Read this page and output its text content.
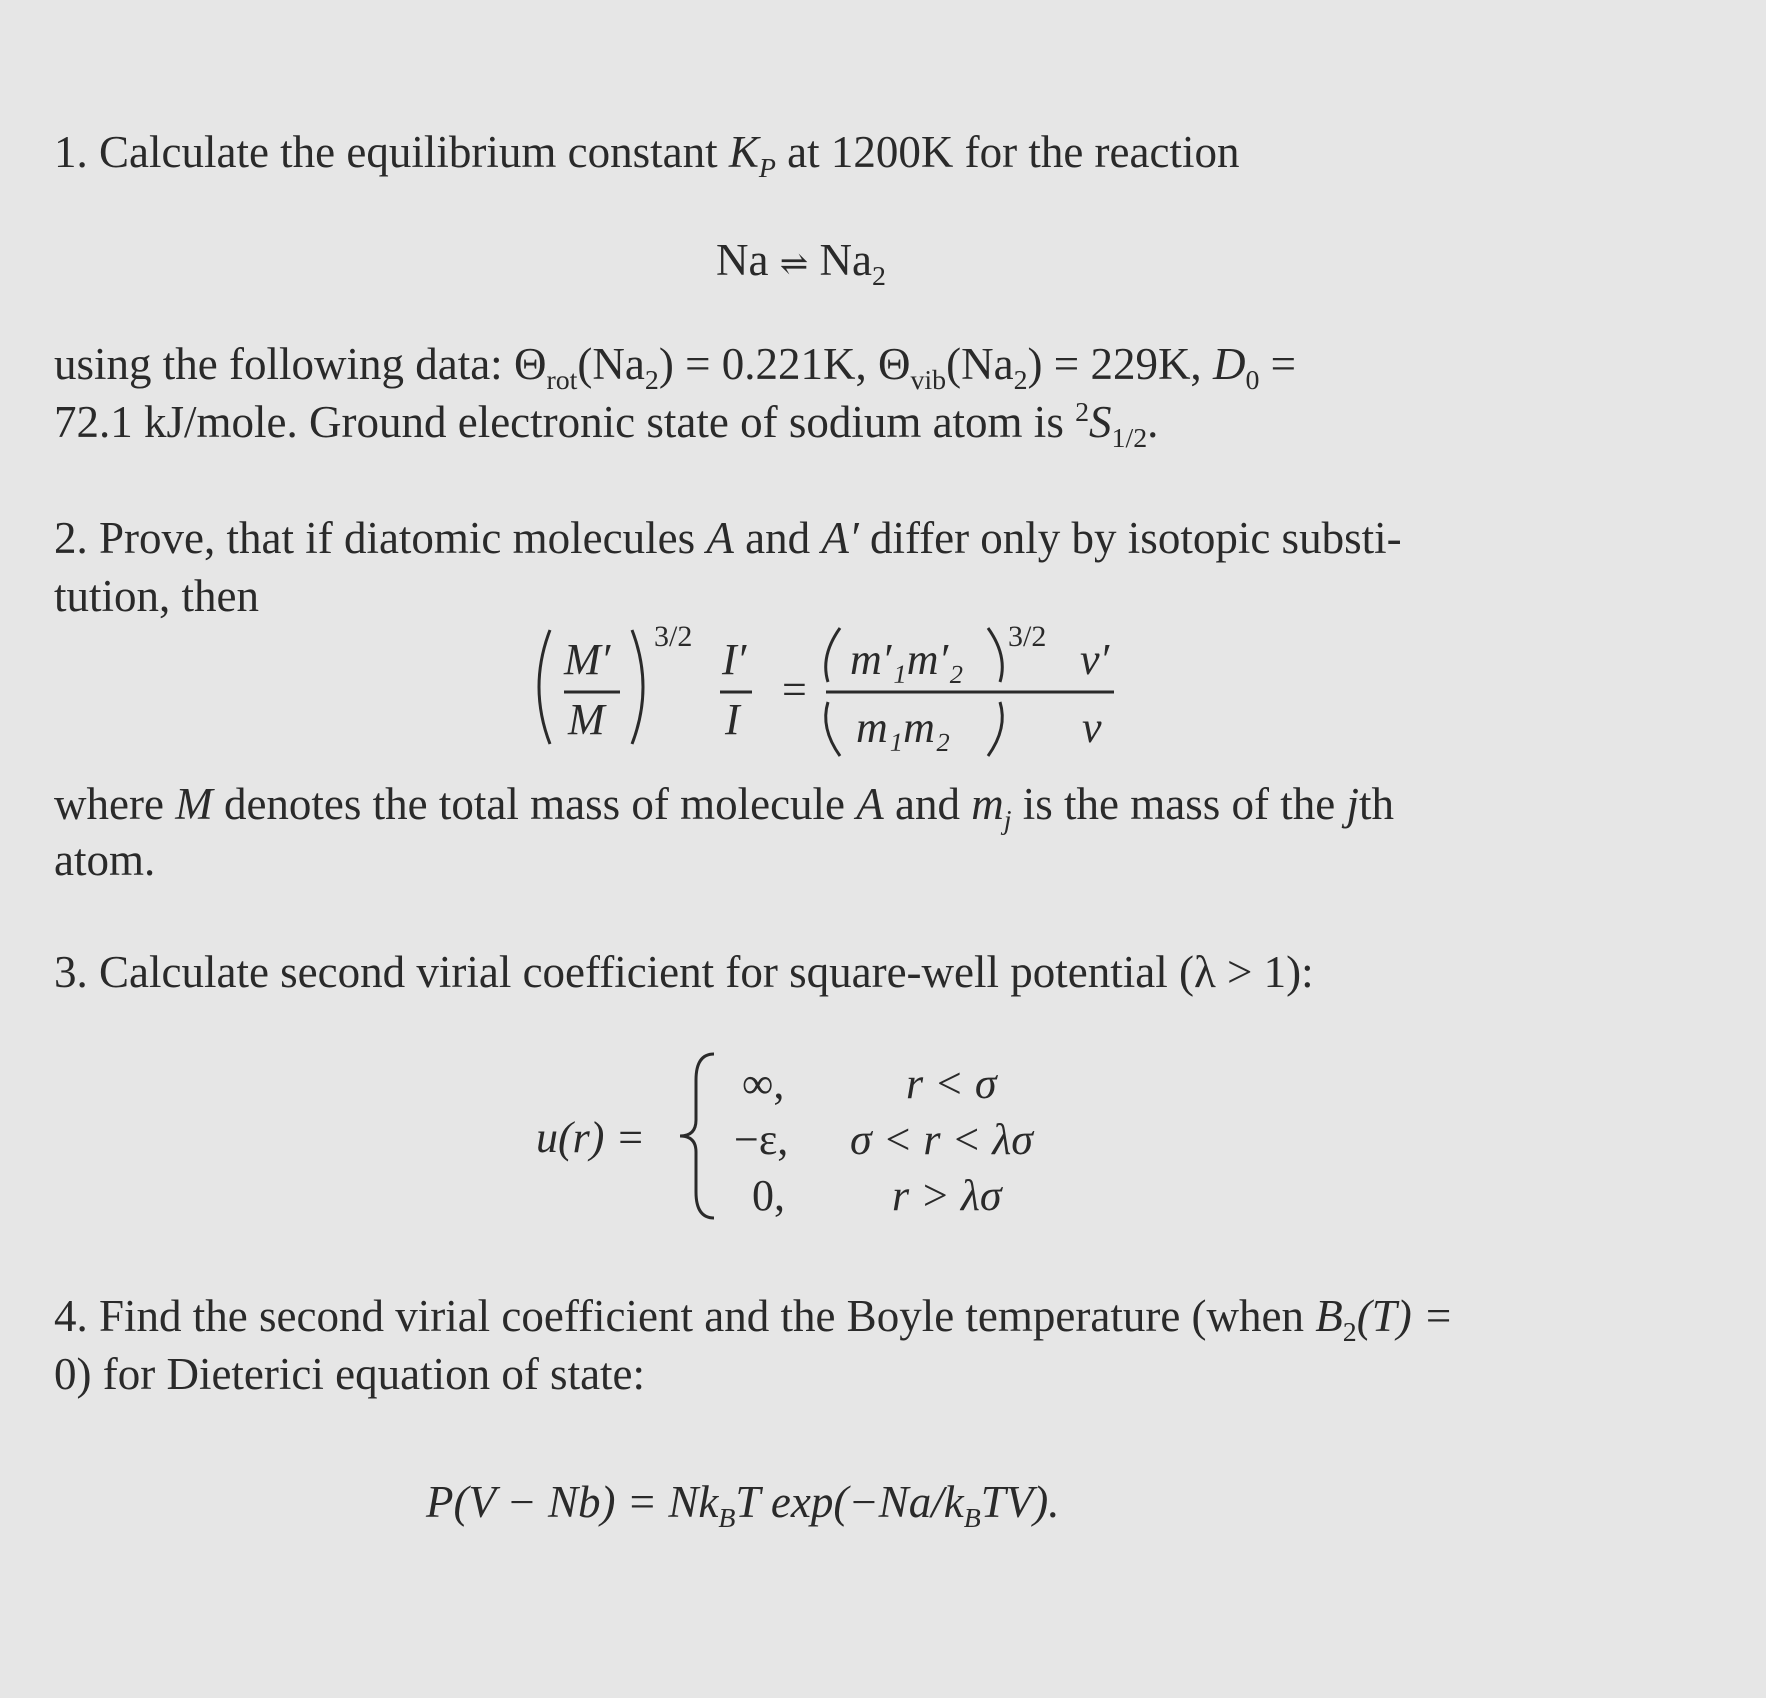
1. Calculate the equilibrium constant $K_P$ at 1200K for the reaction
Na ⇌ $Na_2$
using the following data: $\Theta_{rot}(Na_2) = 0.221K$, $\Theta_{vib}(Na_2) = 229K$, $D_0$ =
72.1 kJ/mole. Ground electronic state of sodium atom is $^2S_{1/2}$.
2. Prove, that if diatomic molecules A and A′ differ only by isotopic substi-
tution, then
M′
M
3/2 I′
I
=
m′₁m′₂ 3/2 ν′
m₁m₂	ν
where M denotes the total mass of molecule A and $m_j$ is the mass of the jth
atom.
3. Calculate second virial coefficient for square-well potential (λ > 1):
u(r) =
∞,	r < σ
−ε, σ < r < λσ
0, r > λσ
4. Find the second virial coefficient and the Boyle temperature (when $B_2(T)$ =
0) for Dieterici equation of state:
$P(V - Nb) = Nk_BT$ $\exp(-Na/k_BTV)$.
